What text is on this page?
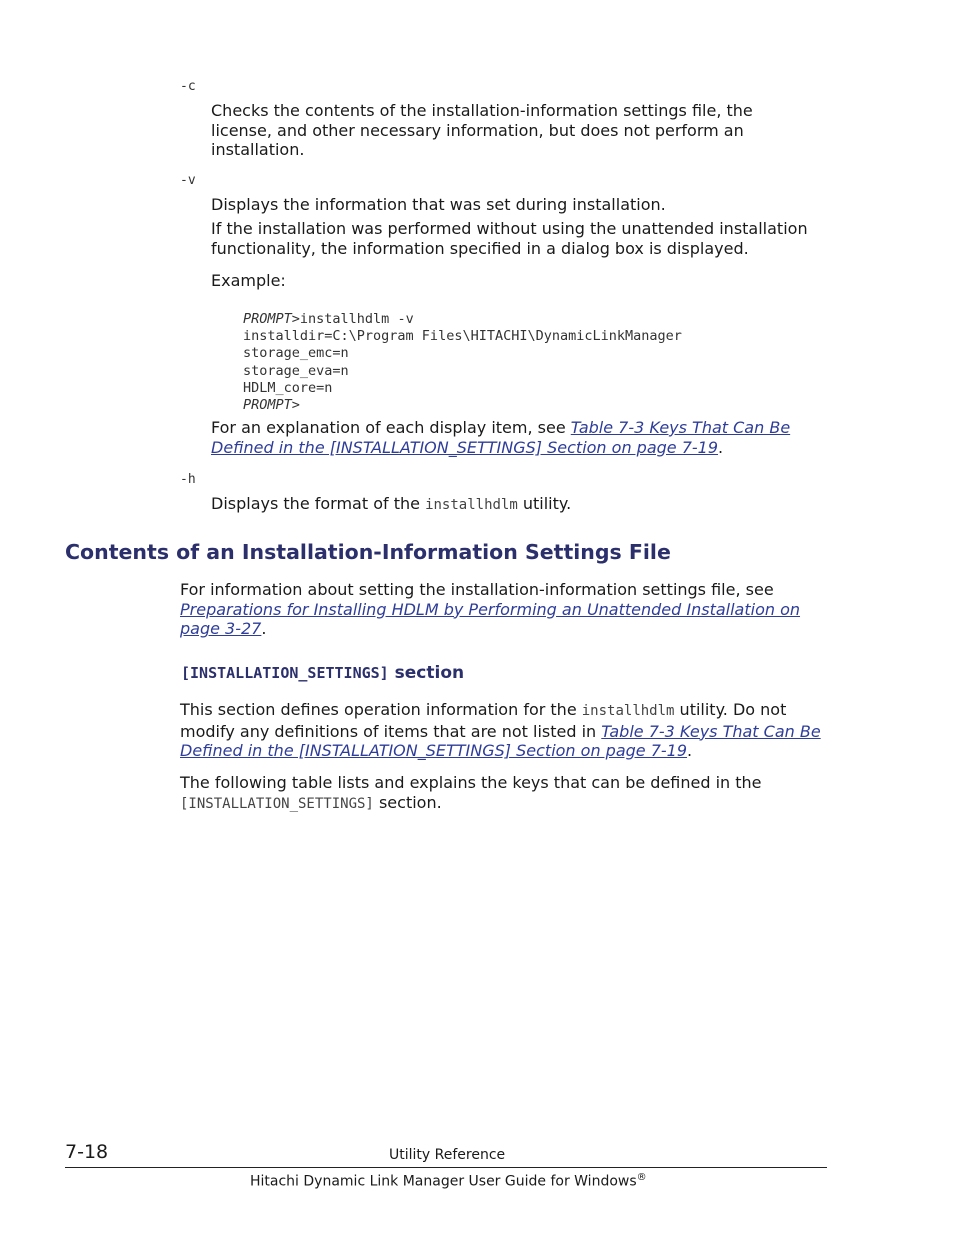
-c
Checks the contents of the installation-information settings file, the license, and other necessary information, but does not perform an installation.
-v
Displays the information that was set during installation.
If the installation was performed without using the unattended installation functionality, the information specified in a dialog box is displayed.
Example:
PROMPT>installhdlm -v
installdir=C:\Program Files\HITACHI\DynamicLinkManager
storage_emc=n
storage_eva=n
HDLM_core=n
PROMPT>
For an explanation of each display item, see Table 7-3 Keys That Can Be Defined in the [INSTALLATION_SETTINGS] Section on page 7-19.
-h
Displays the format of the installhdlm utility.
Contents of an Installation-Information Settings File
For information about setting the installation-information settings file, see Preparations for Installing HDLM by Performing an Unattended Installation on page 3-27.
[INSTALLATION_SETTINGS] section
This section defines operation information for the installhdlm utility. Do not modify any definitions of items that are not listed in Table 7-3 Keys That Can Be Defined in the [INSTALLATION_SETTINGS] Section on page 7-19.
The following table lists and explains the keys that can be defined in the [INSTALLATION_SETTINGS] section.
7-18	Utility Reference
Hitachi Dynamic Link Manager User Guide for Windows®
